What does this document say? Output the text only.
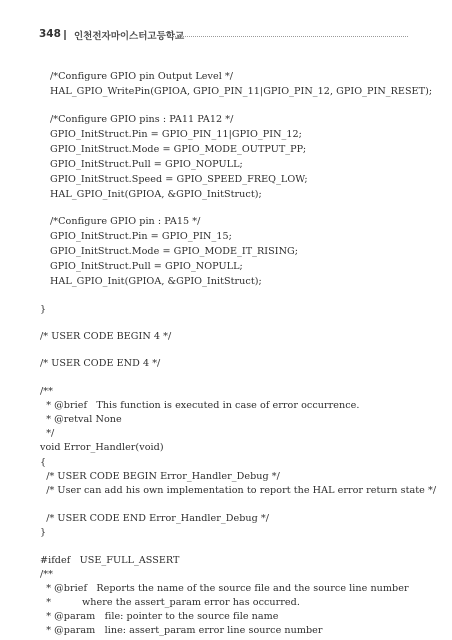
348 인천전자마이스터고등학교
/*Configure GPIO pin Output Level */
HAL_GPIO_WritePin(GPIOA, GPIO_PIN_11|GPIO_PIN_12, GPIO_PIN_RESET);
/*Configure GPIO pins : PA11 PA12 */
GPIO_InitStruct.Pin = GPIO_PIN_11|GPIO_PIN_12;
GPIO_InitStruct.Mode = GPIO_MODE_OUTPUT_PP;
GPIO_InitStruct.Pull = GPIO_NOPULL;
GPIO_InitStruct.Speed = GPIO_SPEED_FREQ_LOW;
HAL_GPIO_Init(GPIOA, &GPIO_InitStruct);
/*Configure GPIO pin : PA15 */
GPIO_InitStruct.Pin = GPIO_PIN_15;
GPIO_InitStruct.Mode = GPIO_MODE_IT_RISING;
GPIO_InitStruct.Pull = GPIO_NOPULL;
HAL_GPIO_Init(GPIOA, &GPIO_InitStruct);
}
/* USER CODE BEGIN 4 */
/* USER CODE END 4 */
/**
* @brief   This function is executed in case of error occurrence.
* @retval None
*/
void Error_Handler(void)
{
/* USER CODE BEGIN Error_Handler_Debug */
/* User can add his own implementation to report the HAL error return state */
/* USER CODE END Error_Handler_Debug */
}
#ifdef   USE_FULL_ASSERT
/**
* @brief   Reports the name of the source file and the source line number
*          where the assert_param error has occurred.
* @param   file: pointer to the source file name
* @param   line: assert_param error line source number
